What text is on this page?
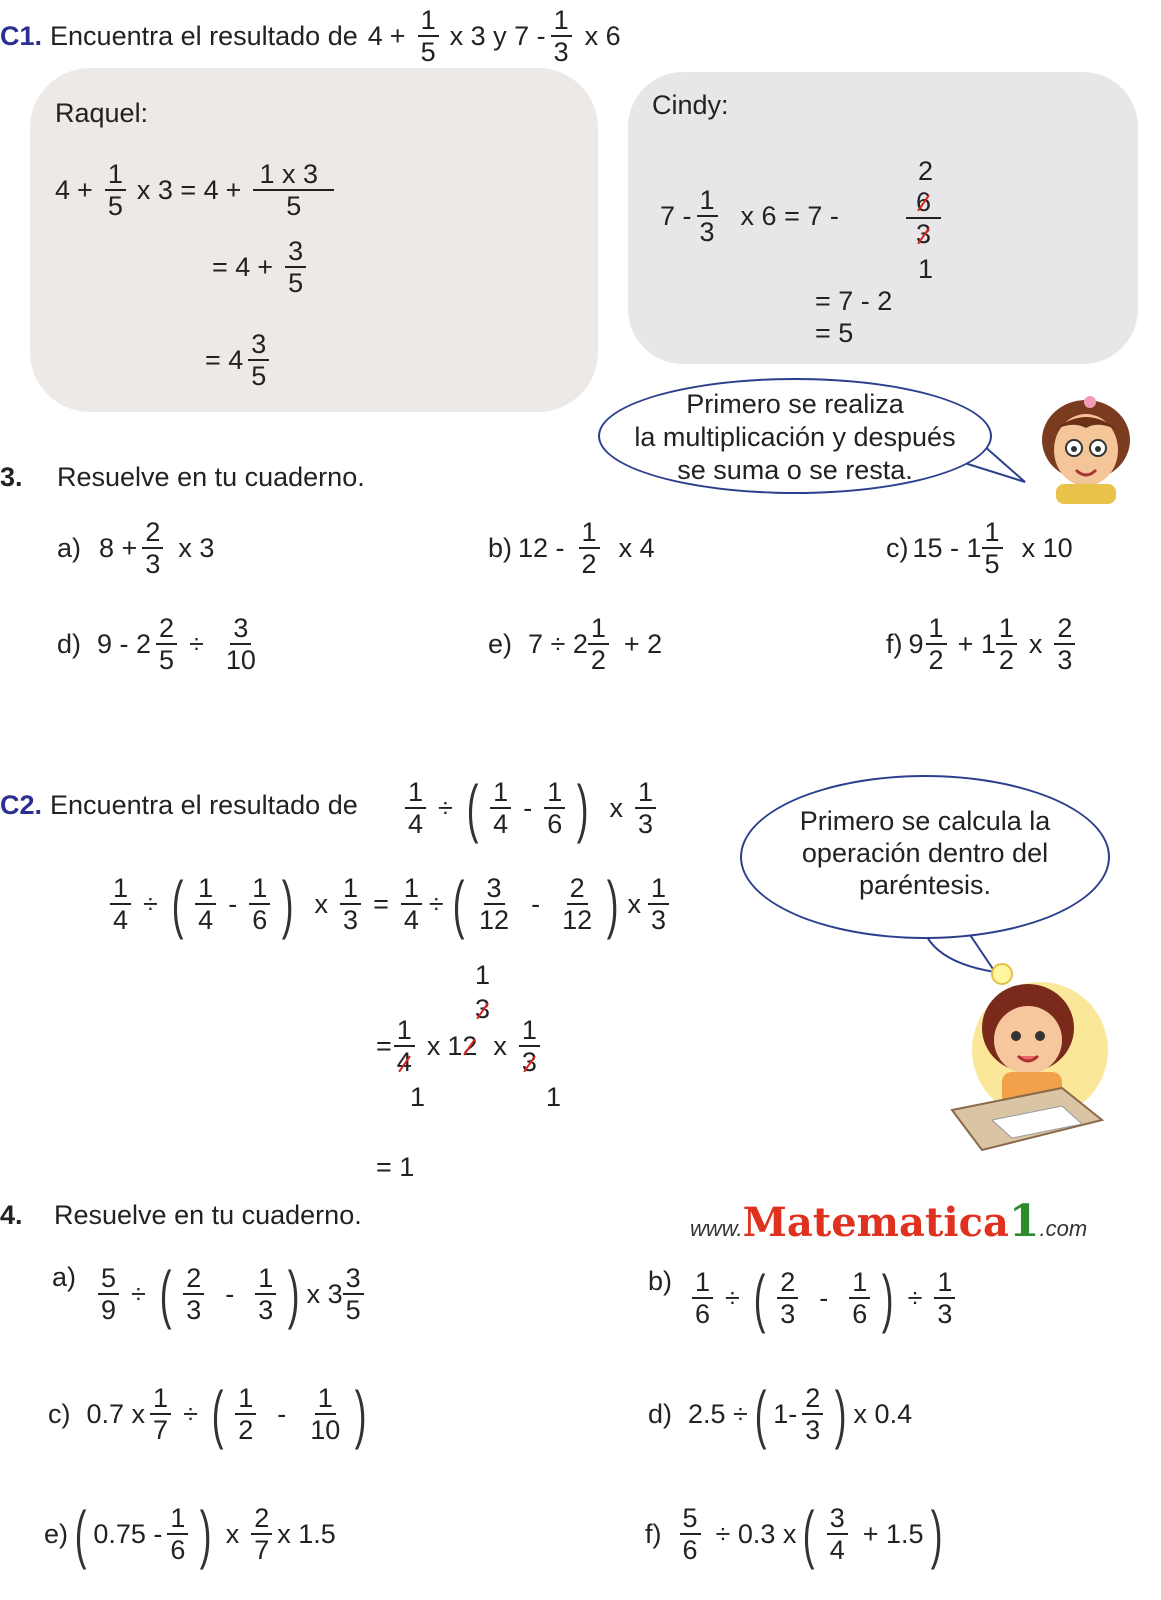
C1. Encuentra el resultado de $4 + \frac{1}{5}$ x 3 y $7 - \frac{1}{3}$ x 6
Raquel:
$4 + \frac{1}{5}$ x $3 = 4 + \frac{1 x 3}{5}$
= $4 + \frac{3}{5}$
= $4 \frac{3}{5}$
Cindy:
$7 - \frac{1}{3}$ x 6 = 7 -
2
$\frac{6}{3}$
1
= 7 - 2
= 5
Primero se realiza
la multiplicación y después
se suma o se resta.
3. Resuelve en tu cuaderno.
a) $8 + \frac{2}{3}$ x 3	b) $12 - \frac{1}{2}$ x 4	c) $15 - 1 \frac{1}{5}$ x 10
d) $9 - 2 \frac{2}{5} \div \frac{3}{10}$	e) $7 \div 2 \frac{1}{2} + 2$	f) $9 \frac{1}{2} + 1 \frac{1}{2}$ x $\frac{2}{3}$
C2. Encuentra el resultado de $\frac{1}{4}$ ÷ ( $\frac{1}{4} - \frac{1}{6}$ ) x $\frac{1}{3}$
$\frac{1}{4}$ ÷ ( $\frac{1}{4} - \frac{1}{6}$ ) x $\frac{1}{3} = \frac{1}{4}$ ÷ ( $\frac{3}{12} - \frac{2}{12}$ ) x $\frac{1}{3}$
1
3
= $\frac{1}{4}$ x 12 x $\frac{1}{3}$
1	1
= 1
Primero se calcula la
operación dentro del
paréntesis.
4. Resuelve en tu cuaderno.	www.Matematica1.com
$a) \frac{5}{9}$ ÷ ( $\frac{2}{3} - \frac{1}{3}$ ) x $3 \frac{3}{5}$	$b) \frac{1}{6}$ ÷ ( $\frac{2}{3} - \frac{1}{6}$ ) ÷ $\frac{1}{3}$
c) 0.7 x $\frac{1}{7}$ ÷ ( $\frac{1}{2} - \frac{1}{10}$ )	d) 2.5 ÷ ( $1- \frac{2}{3}$ ) x 0.4
e) ( $0.75 - \frac{1}{6}$ ) x $\frac{2}{7}$ x 1.5	$f) \frac{5}{6} \div 0.3$ x ( $\frac{3}{4} + 1.5$ )
